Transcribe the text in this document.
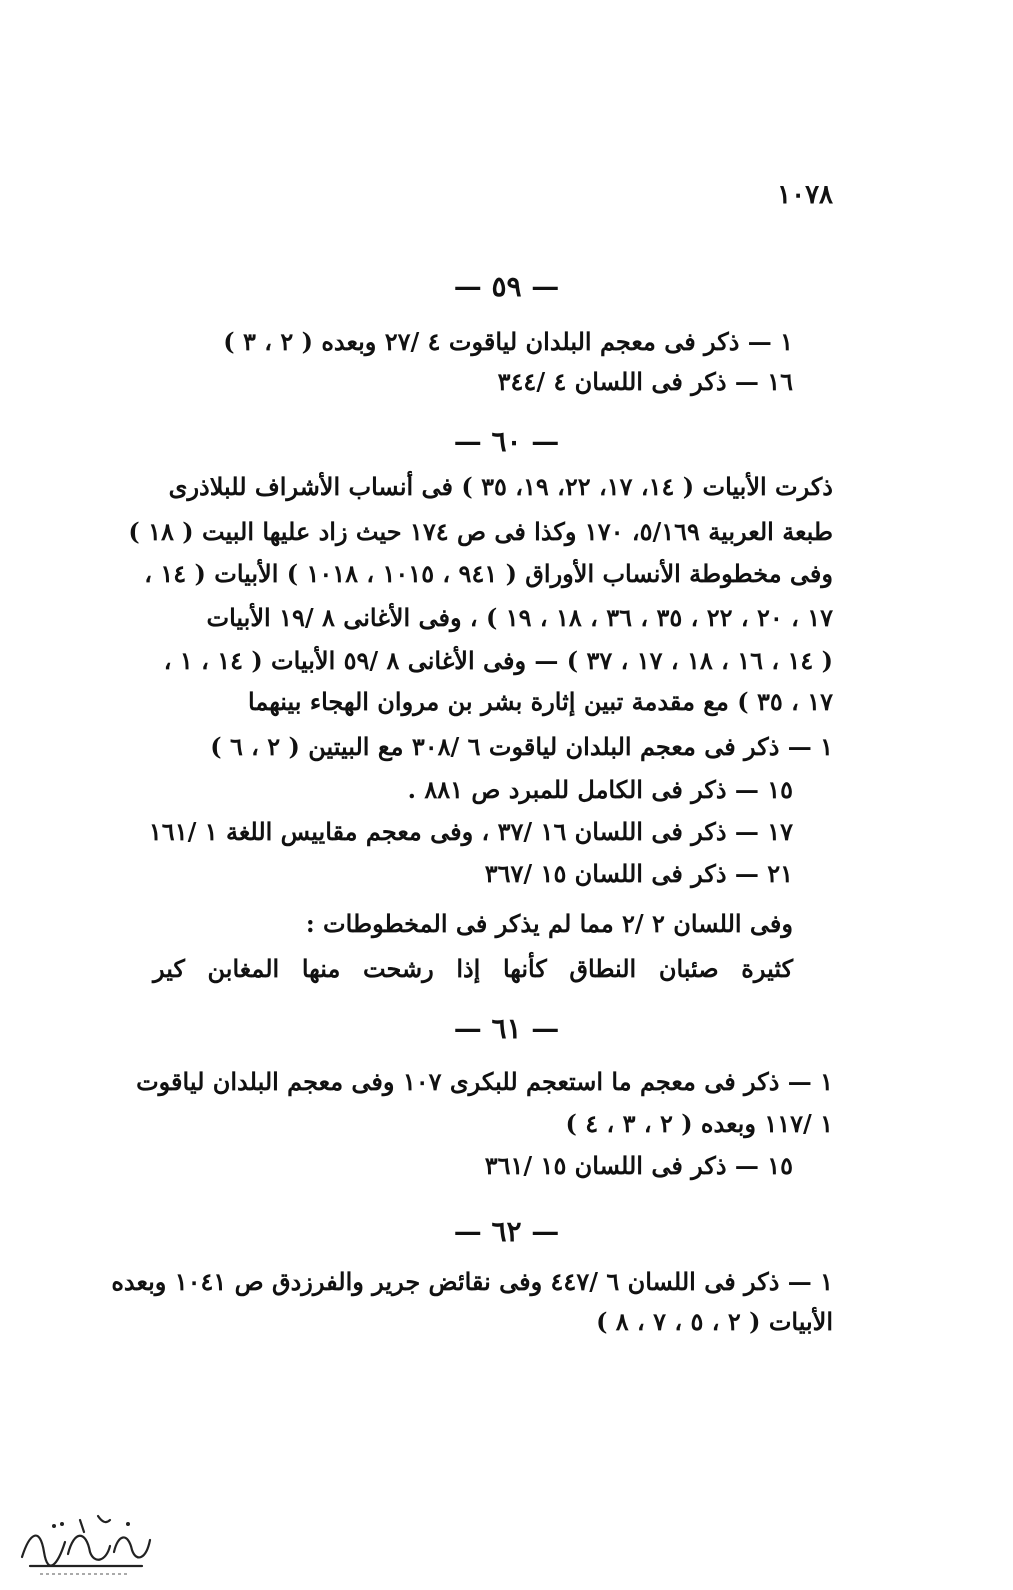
١٠٧٨
— ٥٩ —
١ — ذكر فى معجم البلدان لياقوت ٤ /٢٧ وبعده ( ٢ ، ٣ )
١٦ — ذكر فى اللسان ٤ /٣٤٤
— ٦٠ —
ذكرت الأبيات ( ١٤، ١٧، ٢٢، ١٩، ٣٥ ) فى أنساب الأشراف للبلاذرى
طبعة العربية ٥/١٦٩، ١٧٠ وكذا فى ص ١٧٤ حيث زاد عليها البيت ( ١٨ )
وفى مخطوطة الأنساب الأوراق ( ٩٤١ ، ١٠١٥ ، ١٠١٨ ) الأبيات ( ١٤ ،
١٧ ، ٢٠ ، ٢٢ ، ٣٥ ، ٣٦ ، ١٨ ، ١٩ ) ، وفى الأغانى ٨ /١٩ الأبيات
( ١٤ ، ١٦ ، ١٨ ، ١٧ ، ٣٧ ) — وفى الأغانى ٨ /٥٩ الأبيات ( ١٤ ، ١ ،
١٧ ، ٣٥ ) مع مقدمة تبين إثارة بشر بن مروان الهجاء بينهما
١ — ذكر فى معجم البلدان لياقوت ٦ /٣٠٨ مع البيتين ( ٢ ، ٦ )
١٥ — ذكر فى الكامل للمبرد ص ٨٨١ .
١٧ — ذكر فى اللسان ١٦ /٣٧ ، وفى معجم مقاييس اللغة ١ /١٦١
٢١ — ذكر فى اللسان ١٥ /٣٦٧
وفى اللسان ٢ /٢ مما لم يذكر فى المخطوطات :
كثيرة صئبان النطاق كأنها إذا رشحت منها المغابن كير
— ٦١ —
١ — ذكر فى معجم ما استعجم للبكرى ١٠٧ وفى معجم البلدان لياقوت
١ /١١٧ وبعده ( ٢ ، ٣ ، ٤ )
١٥ — ذكر فى اللسان ١٥ /٣٦١
— ٦٢ —
١ — ذكر فى اللسان ٦ /٤٤٧ وفى نقائض جرير والفرزدق ص ١٠٤١ وبعده
الأبيات ( ٢ ، ٥ ، ٧ ، ٨ )
